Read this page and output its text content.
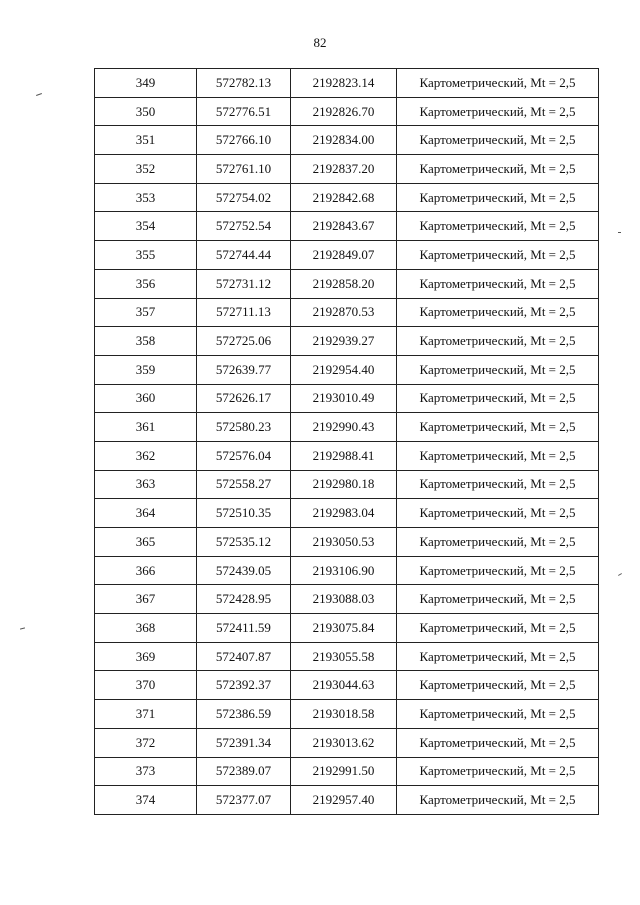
82
349	572782.13	2192823.14	Картометрический, Mt = 2,5
350	572776.51	2192826.70	Картометрический, Mt = 2,5
351	572766.10	2192834.00	Картометрический, Mt = 2,5
352	572761.10	2192837.20	Картометрический, Mt = 2,5
353	572754.02	2192842.68	Картометрический, Mt = 2,5
354	572752.54	2192843.67	Картометрический, Mt = 2,5
355	572744.44	2192849.07	Картометрический, Mt = 2,5
356	572731.12	2192858.20	Картометрический, Mt = 2,5
357	572711.13	2192870.53	Картометрический, Mt = 2,5
358	572725.06	2192939.27	Картометрический, Mt = 2,5
359	572639.77	2192954.40	Картометрический, Mt = 2,5
360	572626.17	2193010.49	Картометрический, Mt = 2,5
361	572580.23	2192990.43	Картометрический, Mt = 2,5
362	572576.04	2192988.41	Картометрический, Mt = 2,5
363	572558.27	2192980.18	Картометрический, Mt = 2,5
364	572510.35	2192983.04	Картометрический, Mt = 2,5
365	572535.12	2193050.53	Картометрический, Mt = 2,5
366	572439.05	2193106.90	Картометрический, Mt = 2,5
367	572428.95	2193088.03	Картометрический, Mt = 2,5
368	572411.59	2193075.84	Картометрический, Mt = 2,5
369	572407.87	2193055.58	Картометрический, Mt = 2,5
370	572392.37	2193044.63	Картометрический, Mt = 2,5
371	572386.59	2193018.58	Картометрический, Mt = 2,5
372	572391.34	2193013.62	Картометрический, Mt = 2,5
373	572389.07	2192991.50	Картометрический, Mt = 2,5
374	572377.07	2192957.40	Картометрический, Mt = 2,5
